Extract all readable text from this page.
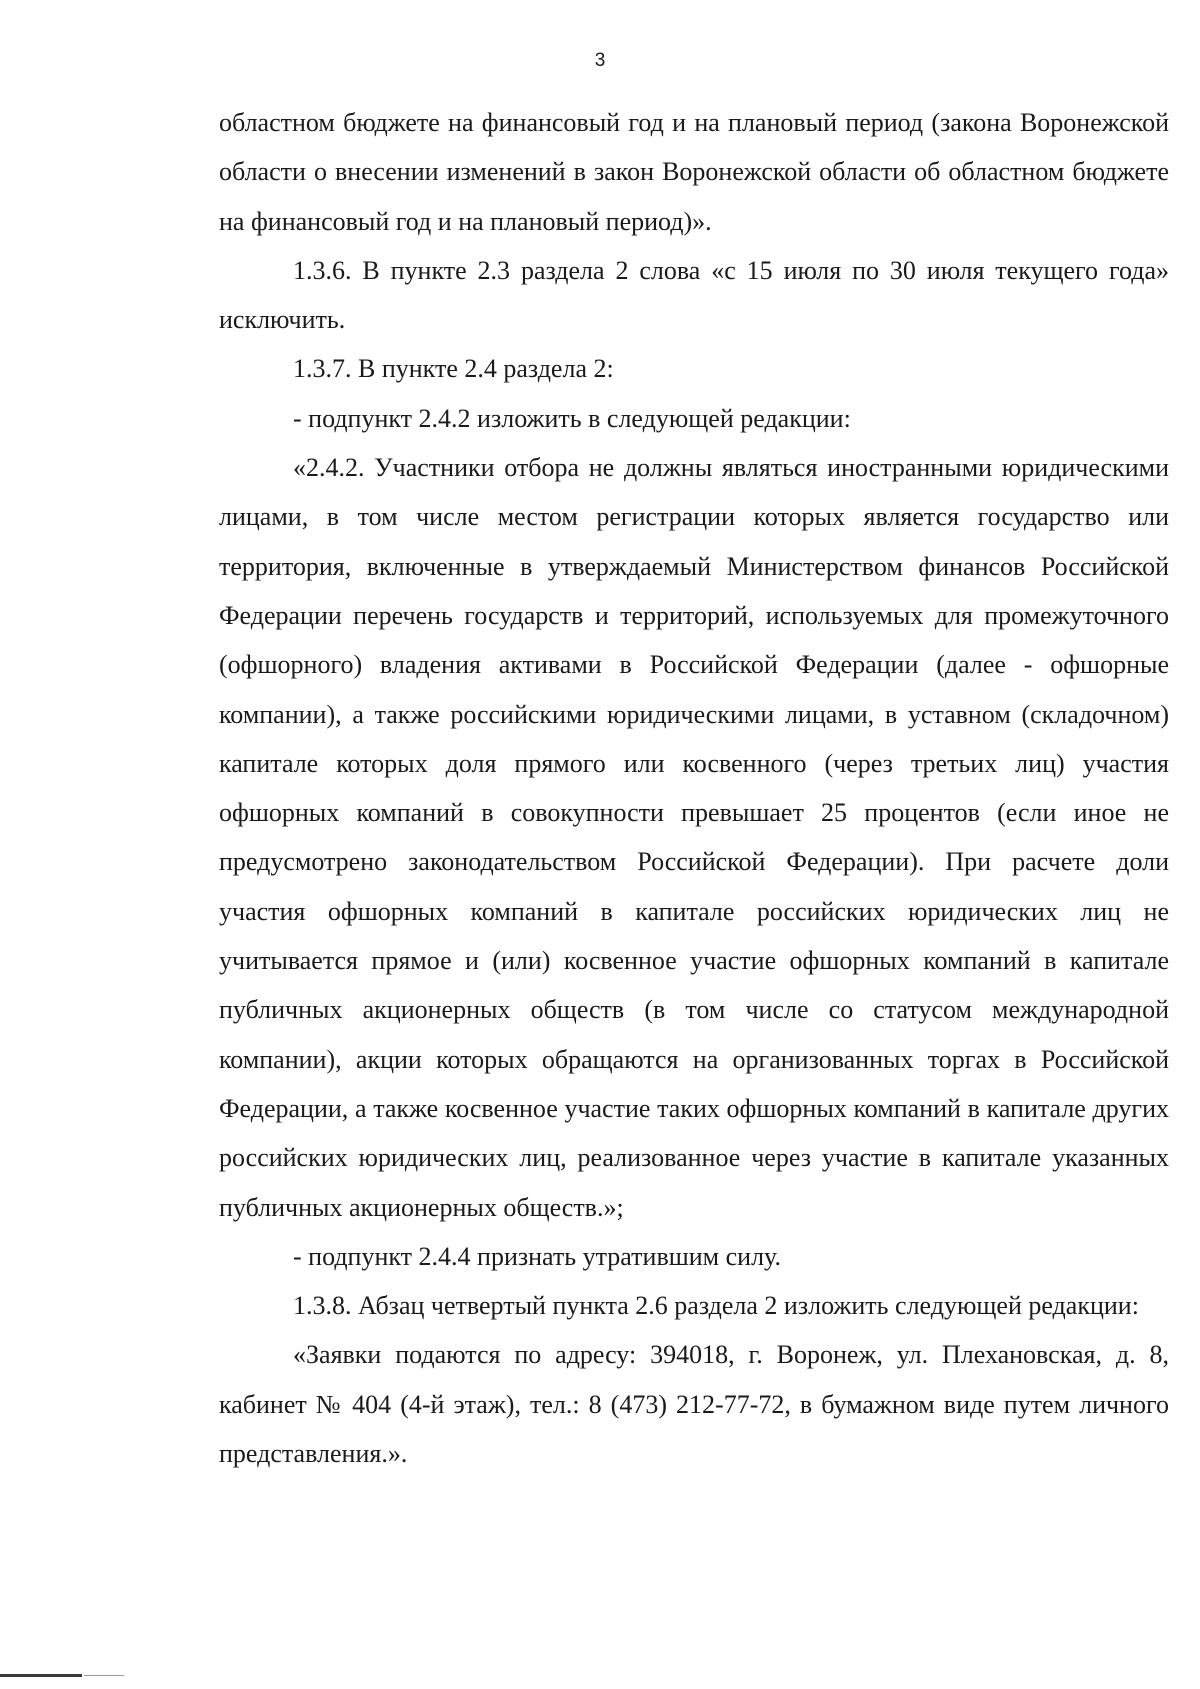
3

областном бюджете на финансовый год и на плановый период (закона Воронежской области о внесении изменений в закон Воронежской области об областном бюджете на финансовый год и на плановый период)».

1.3.6. В пункте 2.3 раздела 2 слова «с 15 июля по 30 июля текущего года» исключить.

1.3.7. В пункте 2.4 раздела 2:

- подпункт 2.4.2 изложить в следующей редакции:

«2.4.2. Участники отбора не должны являться иностранными юридическими лицами, в том числе местом регистрации которых является государство или территория, включенные в утверждаемый Министерством финансов Российской Федерации перечень государств и территорий, используемых для промежуточного (офшорного) владения активами в Российской Федерации (далее - офшорные компании), а также российскими юридическими лицами, в уставном (складочном) капитале которых доля прямого или косвенного (через третьих лиц) участия офшорных компаний в совокупности превышает 25 процентов (если иное не предусмотрено законодательством Российской Федерации). При расчете доли участия офшорных компаний в капитале российских юридических лиц не учитывается прямое и (или) косвенное участие офшорных компаний в капитале публичных акционерных обществ (в том числе со статусом международной компании), акции которых обращаются на организованных торгах в Российской Федерации, а также косвенное участие таких офшорных компаний в капитале других российских юридических лиц, реализованное через участие в капитале указанных публичных акционерных обществ.»;

- подпункт 2.4.4 признать утратившим силу.

1.3.8. Абзац четвертый пункта 2.6 раздела 2 изложить следующей редакции:

«Заявки подаются по адресу: 394018, г. Воронеж, ул. Плехановская, д. 8, кабинет № 404 (4-й этаж), тел.: 8 (473) 212-77-72, в бумажном виде путем личного представления.».
